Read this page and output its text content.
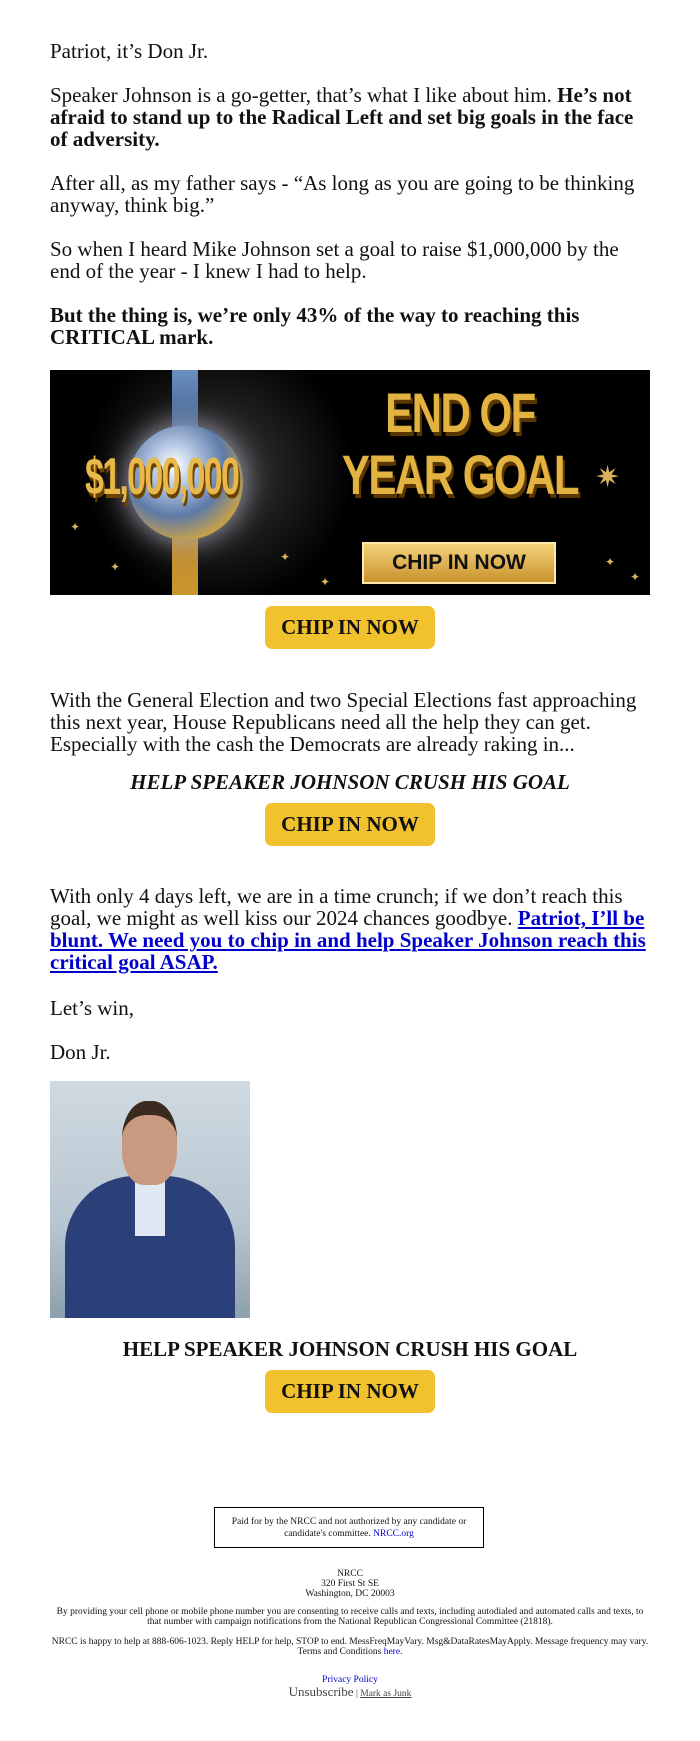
Patriot, it’s Don Jr.

Speaker Johnson is a go-getter, that’s what I like about him. He’s not afraid to stand up to the Radical Left and set big goals in the face of adversity.

After all, as my father says - “As long as you are going to be thinking anyway, think big.”

So when I heard Mike Johnson set a goal to raise $1,000,000 by the end of the year - I knew I had to help.

But the thing is, we’re only 43% of the way to reaching this CRITICAL mark.

$1,000,000
END OF
YEAR GOAL
CHIP IN NOW
✦
✦
✦
✦
✷
✦
✦
CHIP IN NOW

With the General Election and two Special Elections fast approaching this next year, House Republicans need all the help they can get. Especially with the cash the Democrats are already raking in...

HELP SPEAKER JOHNSON CRUSH HIS GOAL
CHIP IN NOW

With only 4 days left, we are in a time crunch; if we don’t reach this goal, we might as well kiss our 2024 chances goodbye. Patriot, I’ll be blunt. We need you to chip in and help Speaker Johnson reach this critical goal ASAP.

Let’s win,

Don Jr.

HELP SPEAKER JOHNSON CRUSH HIS GOAL
CHIP IN NOW
Paid for by the NRCC and not authorized by any candidate or candidate's committee. NRCC.org
NRCC
320 First St SE
Washington, DC 20003
By providing your cell phone or mobile phone number you are consenting to receive calls and texts, including autodialed and automated calls and texts, to that number with campaign notifications from the National Republican Congressional Committee (21818).
NRCC is happy to help at 888-606-1023. Reply HELP for help, STOP to end. MessFreqMayVary. Msg&DataRatesMayApply. Message frequency may vary. Terms and Conditions here.
Privacy Policy
Unsubscribe | Mark as Junk
